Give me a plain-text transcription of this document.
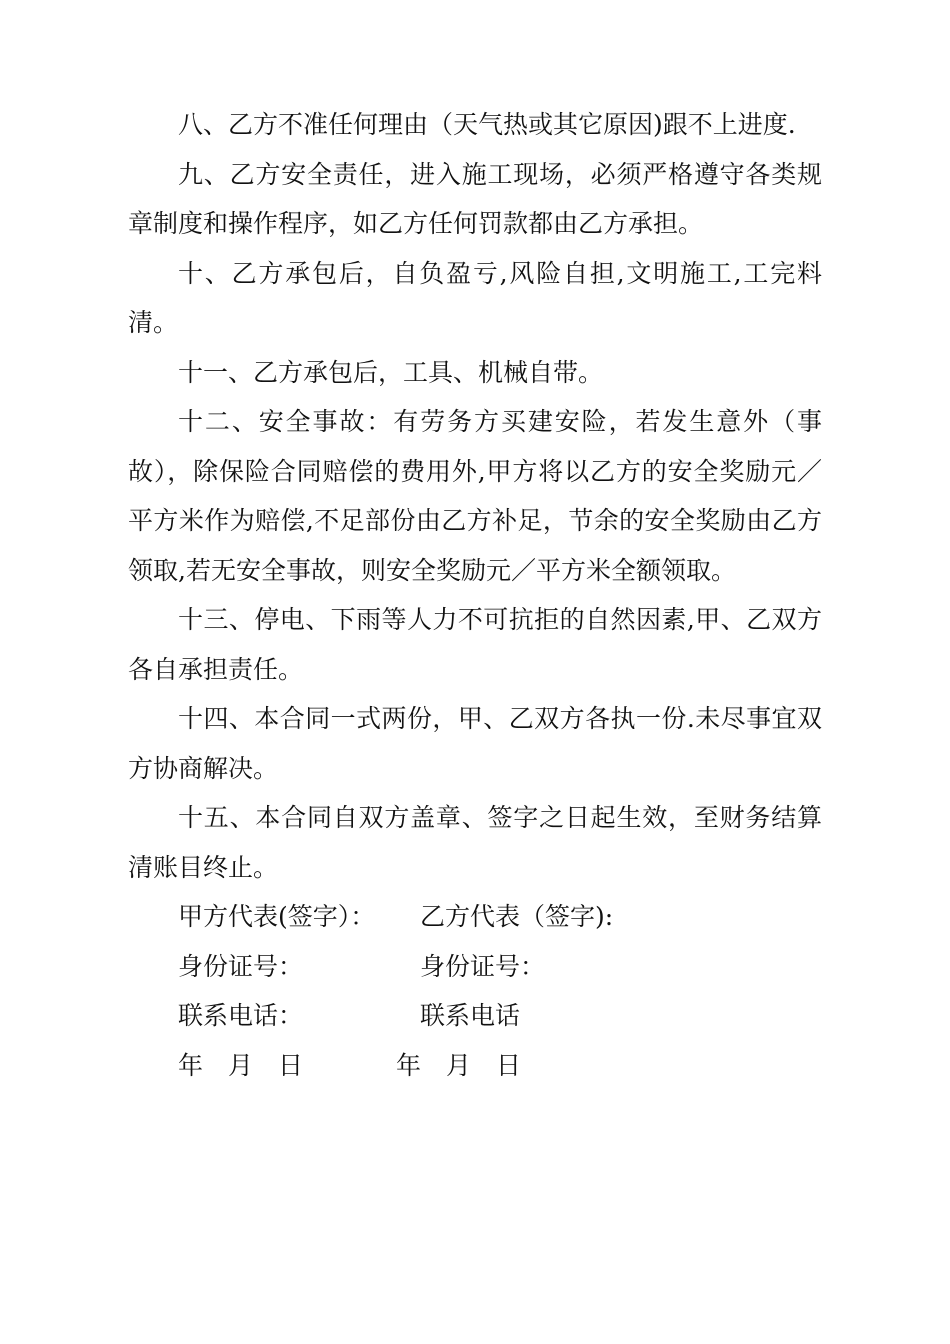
八、乙方不准任何理由（天气热或其它原因)跟不上进度.

九、乙方安全责任，进入施工现场，必须严格遵守各类规章制度和操作程序，如乙方任何罚款都由乙方承担。

十、乙方承包后，自负盈亏,风险自担,文明施工,工完料清。

十一、乙方承包后，工具、机械自带。

十二、安全事故：有劳务方买建安险，若发生意外（事故），除保险合同赔偿的费用外,甲方将以乙方的安全奖励元／平方米作为赔偿,不足部份由乙方补足，节余的安全奖励由乙方领取,若无安全事故，则安全奖励元／平方米全额领取。

十三、停电、下雨等人力不可抗拒的自然因素,甲、乙双方各自承担责任。

十四、本合同一式两份，甲、乙双方各执一份.未尽事宜双方协商解决。

十五、本合同自双方盖章、签字之日起生效，至财务结算清账目终止。

甲方代表(签字）： 乙方代表（签字):
身份证号：	身份证号：
联系电话：	联系电话
年　月　日	年　月　日
